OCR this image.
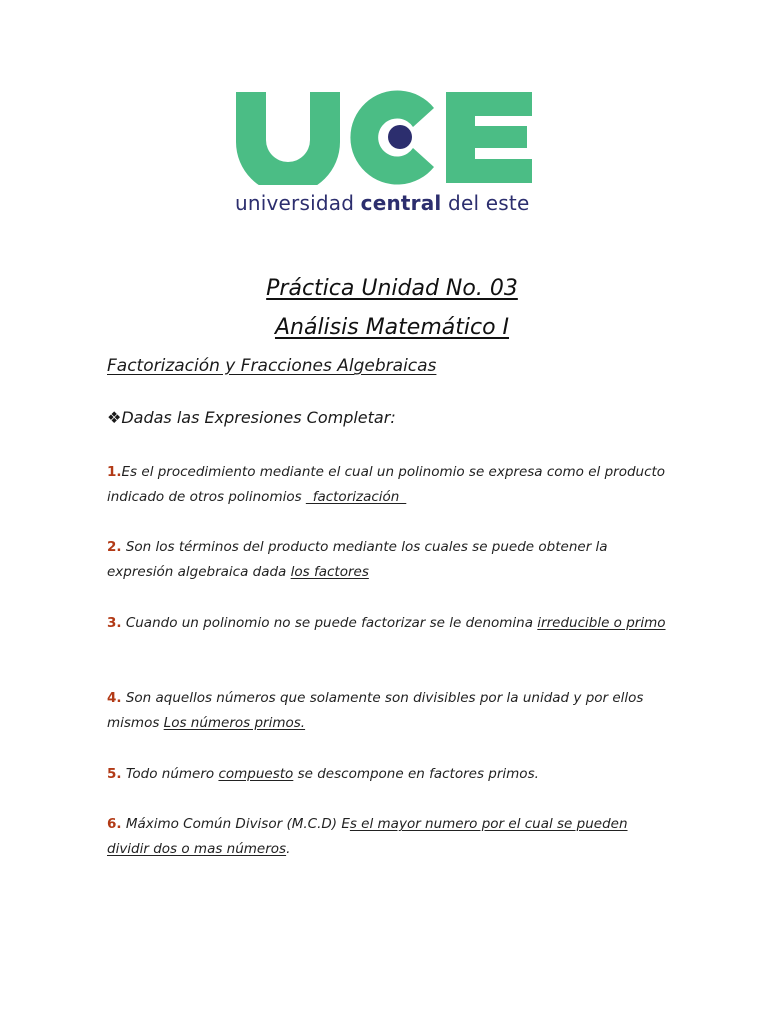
universidad central del este
Práctica Unidad No. 03
Análisis Matemático I
Factorización y Fracciones Algebraicas
❖Dadas las Expresiones Completar:
1.Es el procedimiento mediante el cual un polinomio se expresa como el producto indicado de otros polinomios _factorización_
2. Son los términos del producto mediante los cuales se puede obtener la expresión algebraica dada los factores
3. Cuando un polinomio no se puede factorizar se le denomina irreducible o primo
4. Son aquellos números que solamente son divisibles por la unidad y por ellos mismos Los números primos.
5. Todo número compuesto se descompone en factores primos.
6. Máximo Común Divisor (M.C.D) Es el mayor numero por el cual se pueden dividir dos o mas números.
